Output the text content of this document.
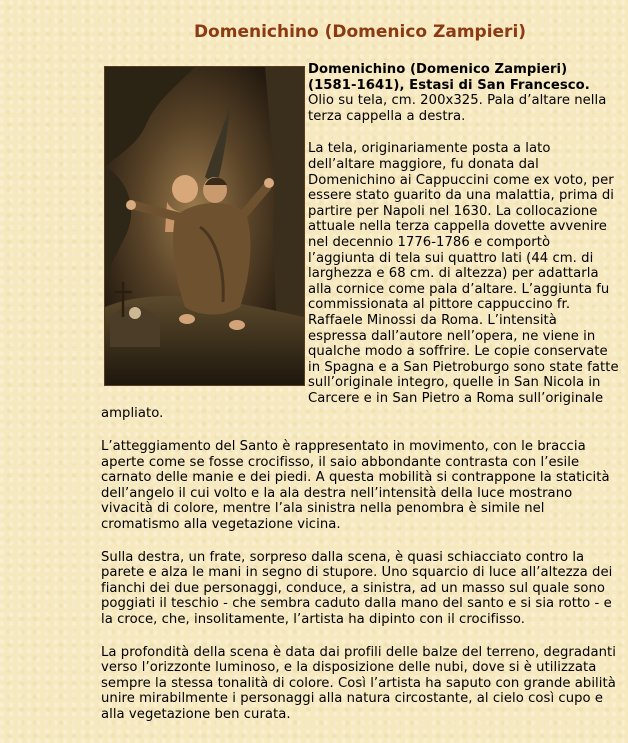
Domenichino (Domenico Zampieri)

Domenichino (Domenico Zampieri) (1581-1641), Estasi di San Francesco. Olio su tela, cm. 200x325. Pala d’altare nella terza cappella a destra.

La tela, originariamente posta a lato dell’altare maggiore, fu donata dal Domenichino ai Cappuccini come ex voto, per essere stato guarito da una malattia, prima di partire per Napoli nel 1630. La collocazione attuale nella terza cappella dovette avvenire nel decennio 1776-1786 e comportò l’aggiunta di tela sui quattro lati (44 cm. di larghezza e 68 cm. di altezza) per adattarla alla cornice come pala d’altare. L’aggiunta fu commissionata al pittore cappuccino fr. Raffaele Minossi da Roma. L’intensità espressa dall’autore nell’opera, ne viene in qualche modo a soffrire. Le copie conservate in Spagna e a San Pietroburgo sono state fatte sull’originale integro, quelle in San Nicola in Carcere e in San Pietro a Roma sull’originale ampliato.

L’atteggiamento del Santo è rappresentato in movimento, con le braccia aperte come se fosse crocifisso, il saio abbondante contrasta con l’esile carnato delle manie e dei piedi. A questa mobilità si contrappone la staticità dell’angelo il cui volto e la ala destra nell’intensità della luce mostrano vivacità di colore, mentre l’ala sinistra nella penombra è simile nel cromatismo alla vegetazione vicina.

Sulla destra, un frate, sorpreso dalla scena, è quasi schiacciato contro la parete e alza le mani in segno di stupore. Uno squarcio di luce all’altezza dei fianchi dei due personaggi, conduce, a sinistra, ad un masso sul quale sono poggiati il teschio - che sembra caduto dalla mano del santo e si sia rotto - e la croce, che, insolitamente, l’artista ha dipinto con il crocifisso.

La profondità della scena è data dai profili delle balze del terreno, degradanti verso l’orizzonte luminoso, e la disposizione delle nubi, dove si è utilizzata sempre la stessa tonalità di colore. Così l’artista ha saputo con grande abilità unire mirabilmente i personaggi alla natura circostante, al cielo così cupo e alla vegetazione ben curata.
